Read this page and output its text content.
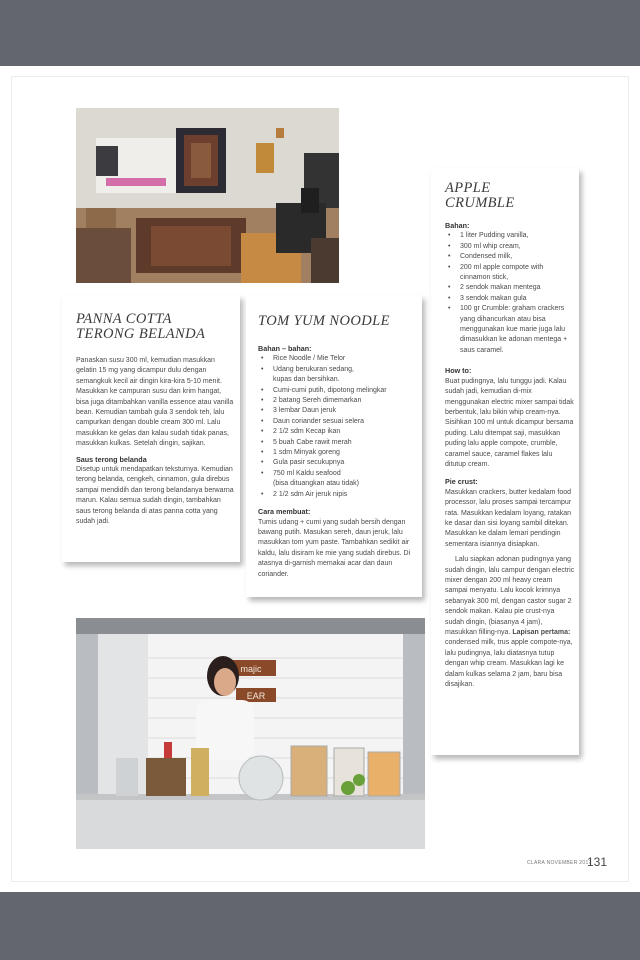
PANNA COTTA

TERONG BELANDA

Panaskan susu 300 ml, kemudian masukkan gelatin 15 mg yang dicampur dulu dengan semangkuk kecil air dingin kira-kira 5-10 menit. Masukkan ke campuran susu dan krim hangat, bisa juga ditambahkan vanilla essence atau vanilla bean. Kemudian tambah gula 3 sendok teh, lalu campurkan dengan double cream 300 ml. Lalu masukkan ke gelas dan kalau sudah tidak panas, masukkan kulkas. Setelah dingin, sajikan.

Saus terong belanda

Disetup untuk mendapatkan teksturnya. Kemudian terong belanda, cengkeh, cinnamon, gula direbus sampai mendidih dan terong belandanya berwarna marun. Kalau semua sudah dingin, tambahkan saus terong belanda di atas panna cotta yang sudah jadi.

TOM YUM NOODLE

Bahan – bahan:

• Rice Noodle / Mie Telor
• Udang berukuran sedang,
kupas dan bersihkan.
• Cumi-cumi putih, dipotong melingkar
• 2 batang Sereh dimemarkan
• 3 lembar Daun jeruk
• Daun coriander sesuai selera
• 2 1/2 sdm Kecap ikan
• 5 buah Cabe rawit merah
• 1 sdm Minyak goreng
• Gula pasir secukupnya
• 750 ml Kaldu seafood
(bisa dituangkan atau tidak)
• 2 1/2 sdm Air jeruk nipis

Cara membuat:

Tumis udang + cumi yang sudah bersih dengan bawang putih. Masukan sereh, daun jeruk, lalu masukkan tom yum paste. Tambahkan sedikit air kaldu, lalu disiram ke mie yang sudah direbus. Di atasnya di-garnish memakai acar dan daun coriander.

APPLE

CRUMBLE

Bahan:

• 1 liter Pudding vanilla,
• 300 ml whip cream,
• Condensed milk,
• 200 ml apple compote with
cinnamon stick,
• 2 sendok makan mentega
• 3 sendok makan gula
• 100 gr Crumble: graham crackers yang dihancurkan atau bisa menggunakan kue marie juga lalu dimasukkan ke adonan mentega + saus caramel.

How to:

Buat pudingnya, lalu tunggu jadi. Kalau sudah jadi, kemudian di-mix menggunakan electric mixer sampai tidak berbentuk, lalu bikin whip cream-nya. Sisihkan 100 ml untuk dicampur bersama puding. Lalu ditempat saji, masukkan puding lalu apple compote, crumble, caramel sauce, caramel flakes lalu ditutup cream.

Pie crust:

Masukkan crackers, butter kedalam food processor, lalu proses sampai tercampur rata. Masukkan kedalam loyang, ratakan ke dasar dan sisi loyang sambil ditekan. Masukkan ke dalam lemari pendingin sementara isiannya disiapkan.

Lalu siapkan adonan pudingnya yang sudah dingin, lalu campur dengan electric mixer dengan 200 ml heavy cream sampai menyatu. Lalu kocok krimnya sebanyak 300 ml, dengan castor sugar 2 sendok makan. Kalau pie crust-nya sudah dingin, (biasanya 4 jam), masukkan filling-nya. Lapisan pertama: condensed milk, trus apple compote-nya, lalu pudingnya, lalu diatasnya tutup dengan whip cream. Masukkan lagi ke dalam kulkas selama 2 jam, baru bisa disajikan.

majic
EAR
CLARA NOVEMBER 2017
131
